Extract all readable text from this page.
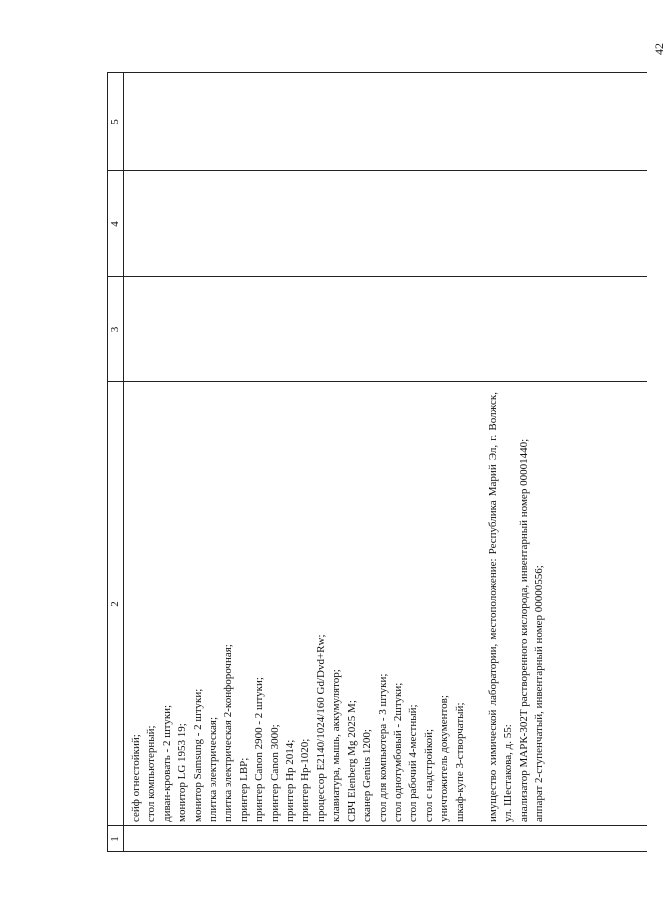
42
1
2
3
4
5
сейф огнестойкий; стол компьютерный; диван-кровать - 2 штуки; монитор LG 1953 19; монитор Samsung - 2 штуки; плитка электрическая; плитка электрическая 2-конфорочная; принтер LBP; принтер Canon 2900 - 2 штуки; принтер Canon 3000; принтер Hp 2014; принтер Hp-1020; процессор E2140/1024/160 Gd/Dvd+Rw; клавиатура, мышь, аккумулятор; СВЧ Elenberg Mg 2025 M; сканер Genius 1200; стол для компьютера - 3 штуки; стол однотумбовый - 2штуки; стол рабочий 4-местный; стол с надстройкой; уничтожитель документов; шкаф-купе 3-створчатый; имущество химической лаборатории, местоположение: Республика Марий Эл, г. Волжск, ул. Шестакова, д. 55: анализатор МАРК-302Т растворенного кислорода, инвентарный номер 00001440; аппарат 2-ступенчатый, инвентарный номер 00000556;
